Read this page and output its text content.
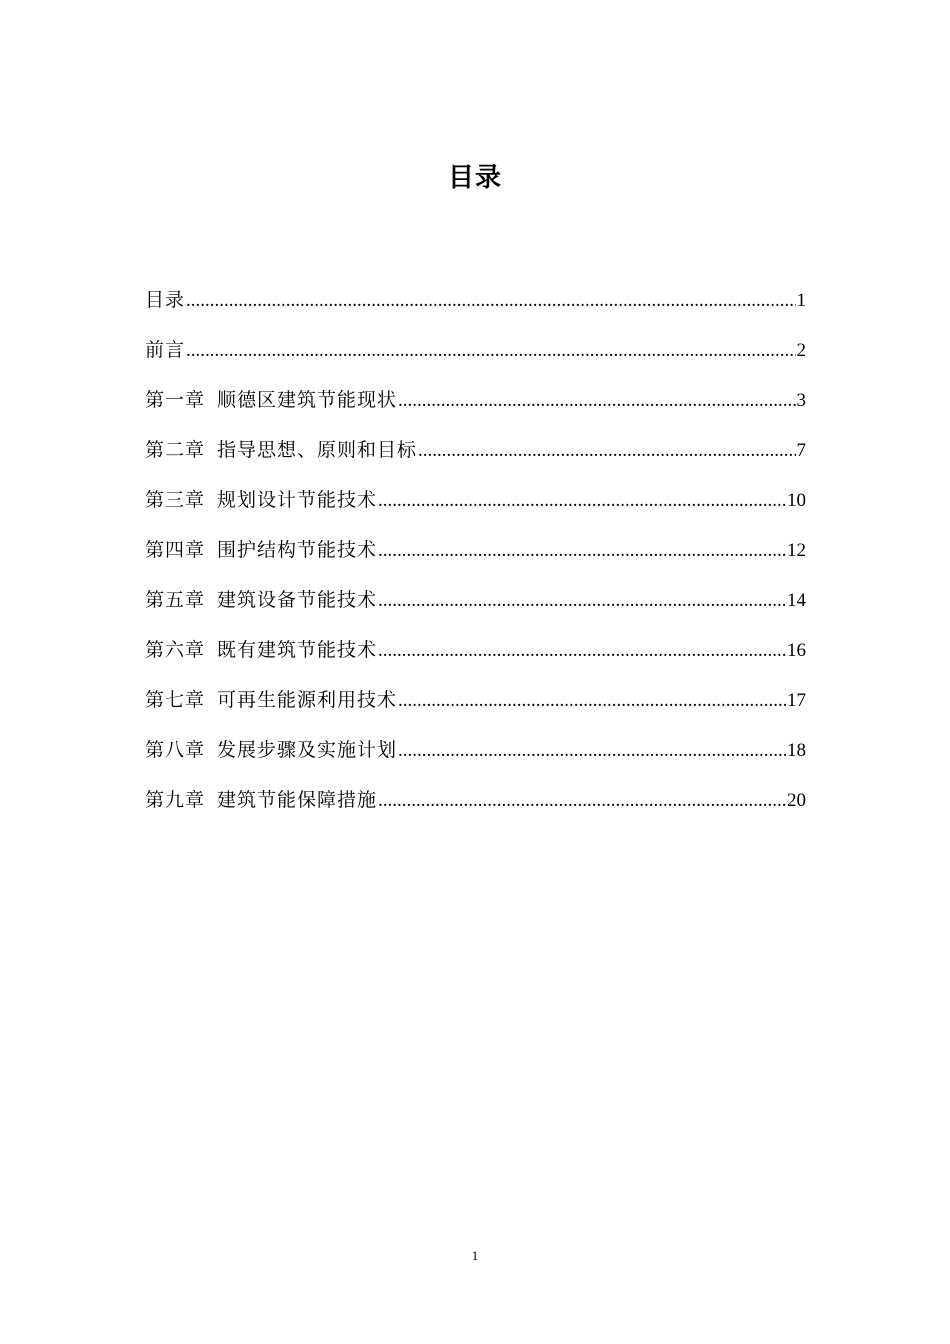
目录
目录 .....	1
前言 .....	2
第一章 顺德区建筑节能现状 .....	3
第二章 指导思想、原则和目标 .....	7
第三章 规划设计节能技术 .....	10
第四章 围护结构节能技术 .....	12
第五章 建筑设备节能技术 .....	14
第六章 既有建筑节能技术 .....	16
第七章 可再生能源利用技术 .....	17
第八章 发展步骤及实施计划 .....	18
第九章 建筑节能保障措施 .....	20
1
